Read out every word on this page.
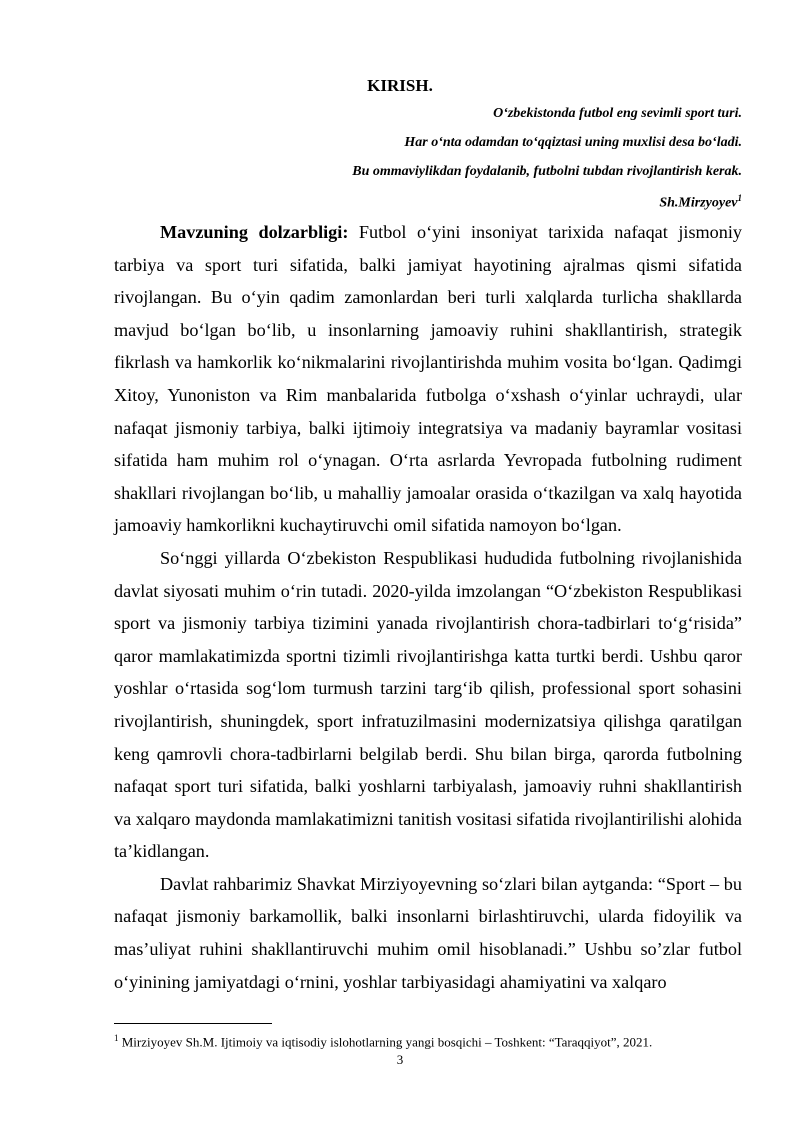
KIRISH.
O‘zbekistonda futbol eng sevimli sport turi.
Har o‘nta odamdan to‘qqiztasi uning muxlisi desa bo‘ladi.
Bu ommaviylikdan foydalanib, futbolni tubdan rivojlantirish kerak.
Sh.Mirzyoyev$^1$

Mavzuning dolzarbligi: Futbol o‘yini insoniyat tarixida nafaqat jismoniy tarbiya va sport turi sifatida, balki jamiyat hayotining ajralmas qismi sifatida rivojlangan. Bu o‘yin qadim zamonlardan beri turli xalqlarda turlicha shakllarda mavjud bo‘lgan bo‘lib, u insonlarning jamoaviy ruhini shakllantirish, strategik fikrlash va hamkorlik ko‘nikmalarini rivojlantirishda muhim vosita bo‘lgan. Qadimgi Xitoy, Yunoniston va Rim manbalarida futbolga o‘xshash o‘yinlar uchraydi, ular nafaqat jismoniy tarbiya, balki ijtimoiy integratsiya va madaniy bayramlar vositasi sifatida ham muhim rol o‘ynagan. O‘rta asrlarda Yevropada futbolning rudiment shakllari rivojlangan bo‘lib, u mahalliy jamoalar orasida o‘tkazilgan va xalq hayotida jamoaviy hamkorlikni kuchaytiruvchi omil sifatida namoyon bo‘lgan.

So‘nggi yillarda O‘zbekiston Respublikasi hududida futbolning rivojlanishida davlat siyosati muhim o‘rin tutadi. 2020-yilda imzolangan “O‘zbekiston Respublikasi sport va jismoniy tarbiya tizimini yanada rivojlantirish chora-tadbirlari to‘g‘risida” qaror mamlakatimizda sportni tizimli rivojlantirishga katta turtki berdi. Ushbu qaror yoshlar o‘rtasida sog‘lom turmush tarzini targ‘ib qilish, professional sport sohasini rivojlantirish, shuningdek, sport infratuzilmasini modernizatsiya qilishga qaratilgan keng qamrovli chora-tadbirlarni belgilab berdi. Shu bilan birga, qarorda futbolning nafaqat sport turi sifatida, balki yoshlarni tarbiyalash, jamoaviy ruhni shakllantirish va xalqaro maydonda mamlakatimizni tanitish vositasi sifatida rivojlantirilishi alohida ta’kidlangan.

Davlat rahbarimiz Shavkat Mirziyoyevning so‘zlari bilan aytganda: “Sport – bu nafaqat jismoniy barkamollik, balki insonlarni birlashtiruvchi, ularda fidoyilik va mas’uliyat ruhini shakllantiruvchi muhim omil hisoblanadi.” Ushbu so’zlar futbol o‘yinining jamiyatdagi o‘rnini, yoshlar tarbiyasidagi ahamiyatini va xalqaro

$^1$ Mirziyoyev Sh.M. Ijtimoiy va iqtisodiy islohotlarning yangi bosqichi – Toshkent: “Taraqqiyot”, 2021.
3
